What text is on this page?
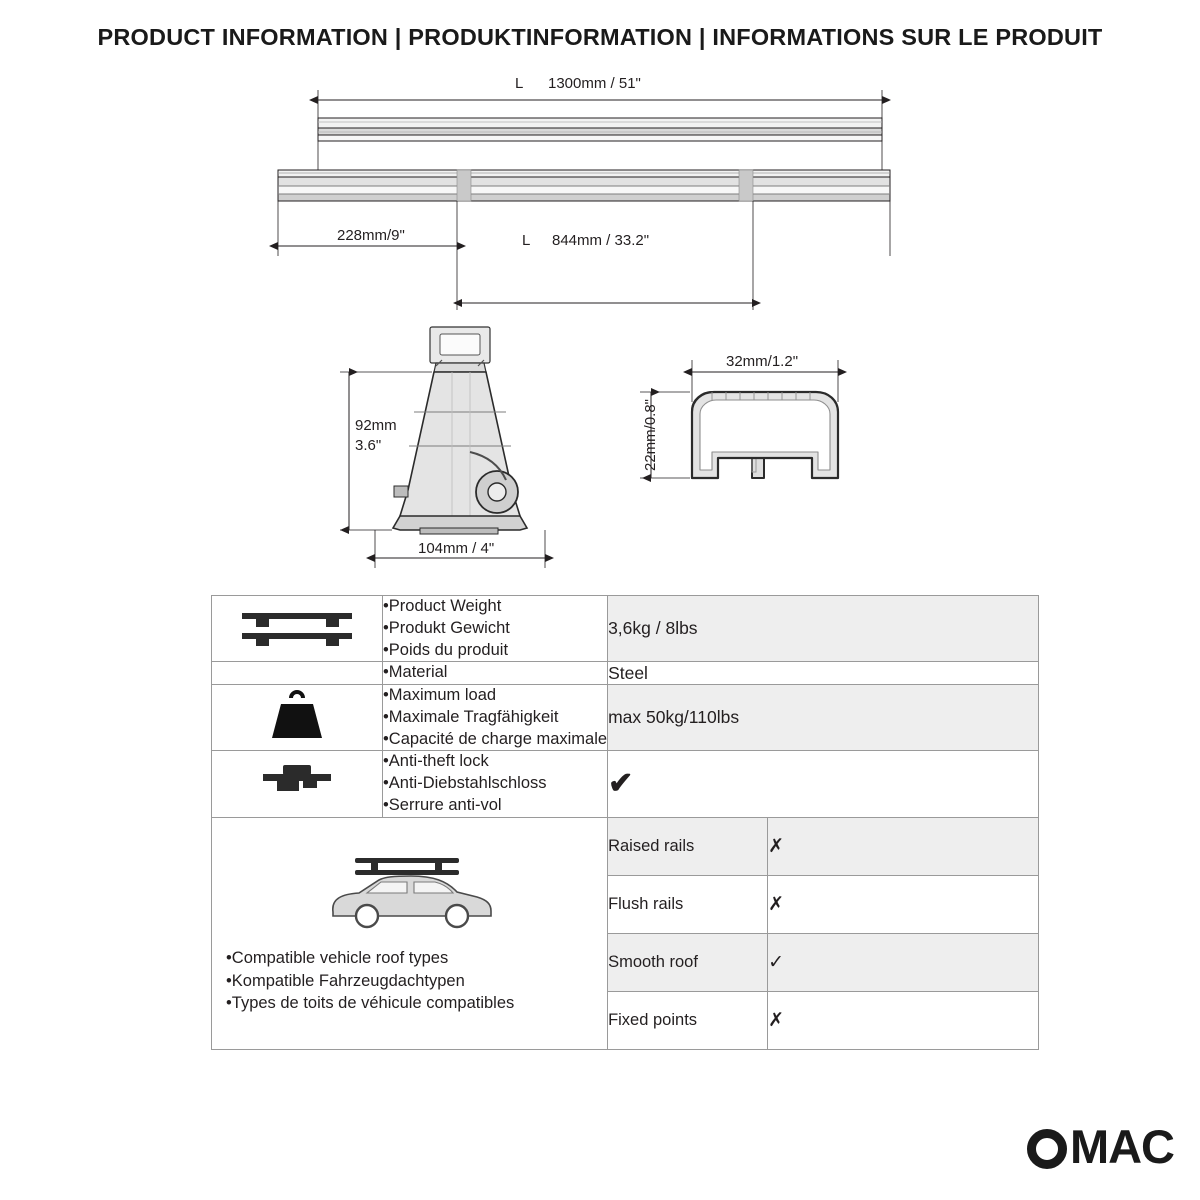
PRODUCT INFORMATION | PRODUKTINFORMATION | INFORMATIONS SUR LE PRODUIT
L 1300mm / 51"
228mm/9"	L 844mm / 33.2"
92mm
3.6"
104mm / 4"
32mm/1.2"
22mm/0.8"

•Product Weight
•Produkt Gewicht
•Poids du produit
	3,6kg / 8lbs

•Material	Steel

•Maximum load
•Maximale Tragfähigkeit
•Capacité de charge maximale
	max 50kg/110lbs

•Anti-theft lock
•Anti-Diebstahlschloss
•Serrure anti-vol
	✔

•Compatible vehicle roof types
•Kompatible Fahrzeugdachtypen
•Types de toits de véhicule compatibles

Raised rails	✗
Flush rails	✗
Smooth roof	✓
Fixed points	✗
MAC
